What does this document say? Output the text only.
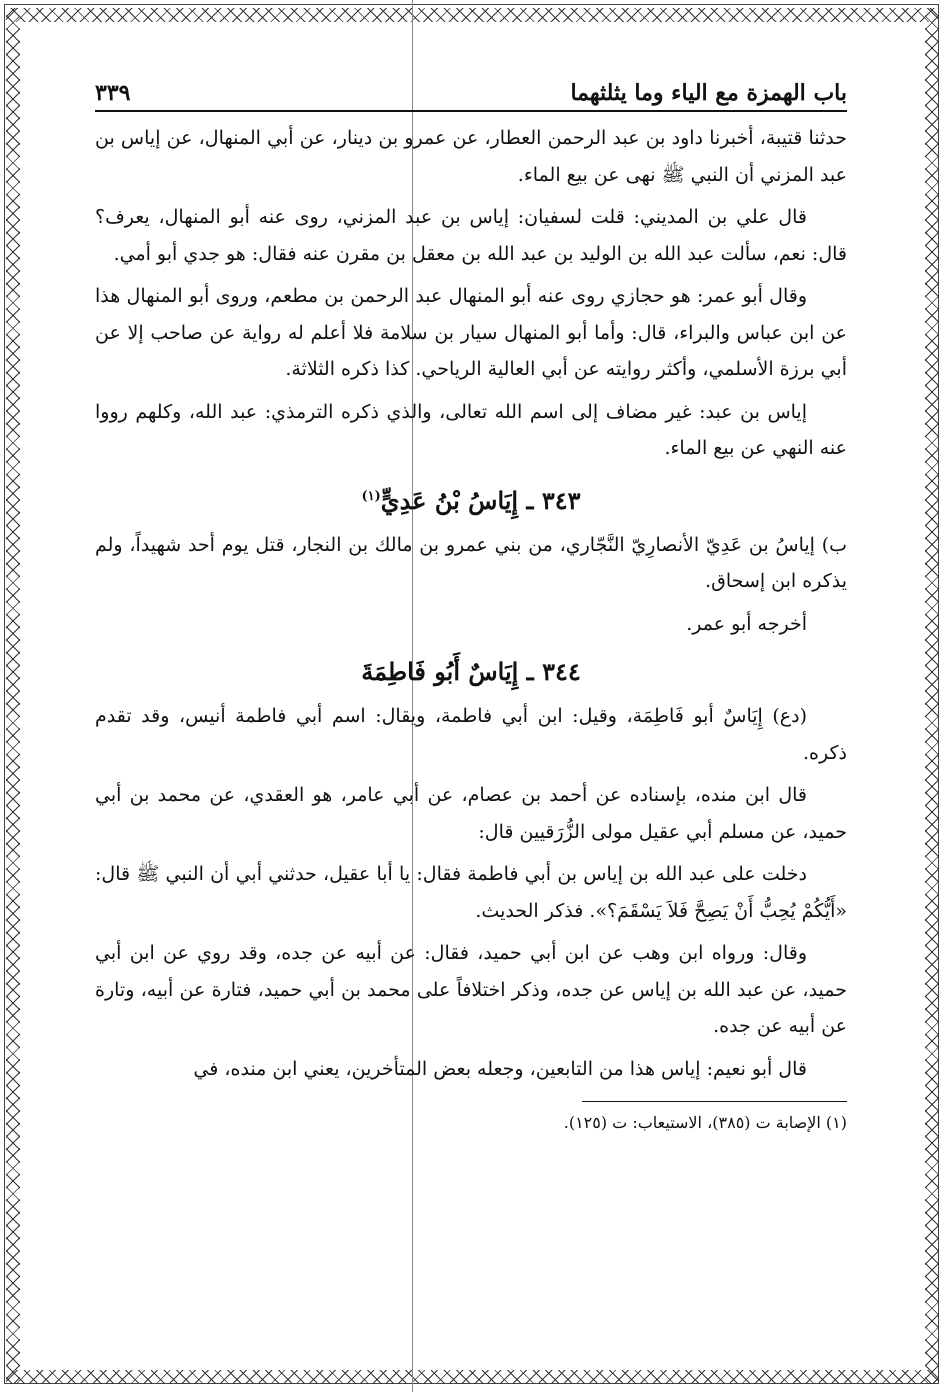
باب الهمزة مع الياء وما يثلثهما
٣٣٩

حدثنا قتيبة، أخبرنا داود بن عبد الرحمن العطار، عن عمرو بن دينار، عن أبي المنهال، عن إياس بن عبد المزني أن النبي ﷺ نهى عن بيع الماء.

قال علي بن المديني: قلت لسفيان: إياس بن عبد المزني، روى عنه أبو المنهال، يعرف؟ قال: نعم، سألت عبد الله بن الوليد بن عبد الله بن معقل بن مقرن عنه فقال: هو جدي أبو أمي.

وقال أبو عمر: هو حجازي روى عنه أبو المنهال عبد الرحمن بن مطعم، وروى أبو المنهال هذا عن ابن عباس والبراء، قال: وأما أبو المنهال سيار بن سلامة فلا أعلم له رواية عن صاحب إلا عن أبي برزة الأسلمي، وأكثر روايته عن أبي العالية الرياحي. كذا ذكره الثلاثة.

إياس بن عبد: غير مضاف إلى اسم الله تعالى، والذي ذكره الترمذي: عبد الله، وكلهم رووا عنه النهي عن بيع الماء.

٣٤٣ ـ إِيَاسُ بْنُ عَدِيٍّ$^{(١)}$

ب) إياسُ بن عَدِيّ الأنصارِيّ النَّجّاري، من بني عمرو بن مالك بن النجار، قتل يوم أحد شهيداً، ولم يذكره ابن إسحاق.

أخرجه أبو عمر.

٣٤٤ ـ إِيَاسٌ أَبُو فَاطِمَةَ

(دع) إِيَاسٌ أبو فَاطِمَة، وقيل: ابن أبي فاطمة، ويقال: اسم أبي فاطمة أنيس، وقد تقدم ذكره.

قال ابن منده، بإسناده عن أحمد بن عصام، عن أبي عامر، هو العقدي، عن محمد بن أبي حميد، عن مسلم أبي عقيل مولى الزُّرَقيين قال:

دخلت على عبد الله بن إياس بن أبي فاطمة فقال: يا أبا عقيل، حدثني أبي أن النبي ﷺ قال: «أَيُّكُمْ يُحِبُّ أَنْ يَصِحَّ فَلاَ يَسْقَمَ؟». فذكر الحديث.

وقال: ورواه ابن وهب عن ابن أبي حميد، فقال: عن أبيه عن جده، وقد روي عن ابن أبي حميد، عن عبد الله بن إياس عن جده، وذكر اختلافاً على محمد بن أبي حميد، فتارة عن أبيه، وتارة عن أبيه عن جده.

قال أبو نعيم: إياس هذا من التابعين، وجعله بعض المتأخرين، يعني ابن منده، في

(١) الإصابة ت (٣٨٥)، الاستيعاب: ت (١٢٥).
